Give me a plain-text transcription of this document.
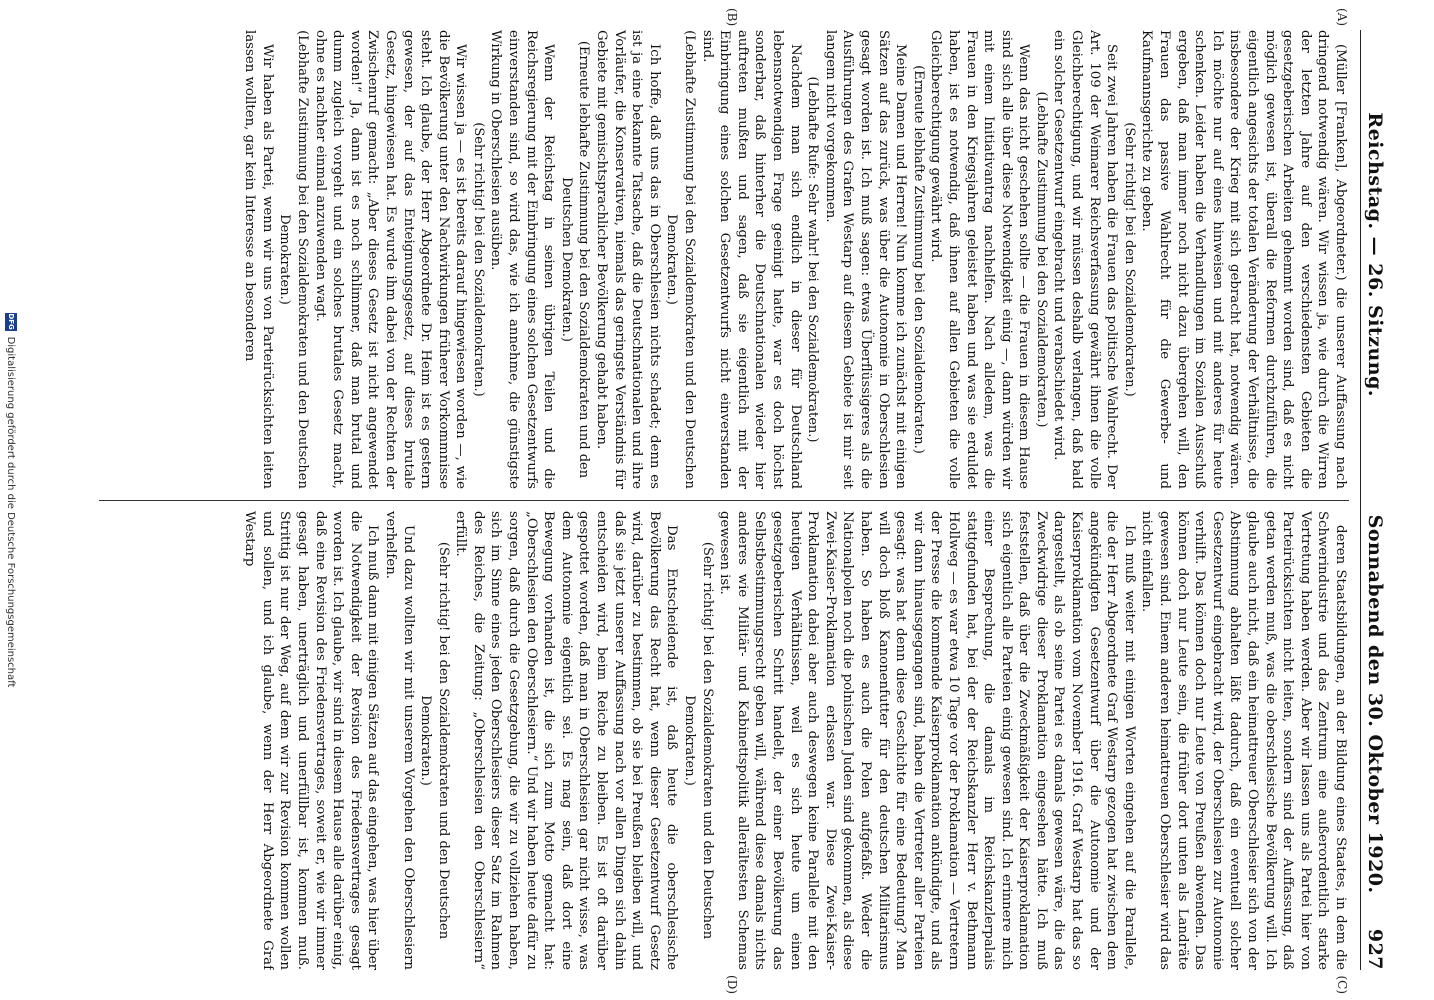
Reichstag. — 26. Sitzung.
Sonnabend den 30. Oktober 1920.
927
(A)
(B)
(C)
(D)

(Müller [Franken], Abgeordneter.) die unserer Auffassung nach dringend notwendig wären. Wir wissen ja, wie durch die Wirren der letzten Jahre auf den verschiedensten Gebieten die gesetzgeberischen Arbeiten gehemmt worden sind, daß es nicht möglich gewesen ist, überall die Reformen durchzuführen, die eigentlich angesichts der totalen Veränderung der Verhältnisse, die insbesondere der Krieg mit sich gebracht hat, notwendig wären. Ich möchte nur auf eines hinweisen und mit anderes für heute schenken. Leider haben die Verhandlungen im Sozialen Ausschuß ergeben, daß man immer noch nicht dazu übergehen will, den Frauen das passive Wahlrecht für die Gewerbe- und Kaufmannsgerichte zu geben.

(Sehr richtig! bei den Sozialdemokraten.)

Seit zwei Jahren haben die Frauen das politische Wahlrecht. Der Art. 109 der Weimarer Reichsverfassung gewährt ihnen die volle Gleichberechtigung, und wir müssen deshalb verlangen, daß bald ein solcher Gesetzentwurf eingebracht und verabschiedet wird.

(Lebhafte Zustimmung bei den Sozialdemokraten.)

Wenn das nicht geschehen sollte — die Frauen in diesem Hause sind sich alle über diese Notwendigkeit einig —, dann würden wir mit einem Initiativantrag nachhelfen. Nach alledem, was die Frauen in den Kriegsjahren geleistet haben und was sie erduldet haben, ist es notwendig, daß ihnen auf allen Gebieten die volle Gleichberechtigung gewährt wird.

(Erneute lebhafte Zustimmung bei den Sozialdemokraten.)

Meine Damen und Herren! Nun komme ich zunächst mit einigen Sätzen auf das zurück, was über die Autonomie in Oberschlesien gesagt worden ist. Ich muß sagen: etwas Überflüssigeres als die Ausführungen des Grafen Westarp auf diesem Gebiete ist mir seit langem nicht vorgekommen.

(Lebhafte Rufe: Sehr wahr! bei den Sozialdemokraten.)

Nachdem man sich endlich in dieser für Deutschland lebensnotwendigen Frage geeinigt hatte, war es doch höchst sonderbar, daß hinterher die Deutschnationalen wieder hier auftreten mußten und sagen, daß sie eigentlich mit der Einbringung eines solchen Gesetzentwurfs nicht einverstanden sind.

(Lebhafte Zustimmung bei den Sozialdemokraten und den Deutschen Demokraten.)

Ich hoffe, daß uns das in Oberschlesien nichts schadet; denn es ist ja eine bekannte Tatsache, daß die Deutschnationalen und ihre Vorläufer, die Konservativen, niemals das geringste Verständnis für Gebiete mit gemischtsprachlicher Bevölkerung gehabt haben.

(Erneute lebhafte Zustimmung bei den Sozialdemokraten und den Deutschen Demokraten.)

Wenn der Reichstag in seinen übrigen Teilen und die Reichsregierung mit der Einbringung eines solchen Gesetzentwurfs einverstanden sind, so wird das, wie ich annehme, die günstigste Wirkung in Oberschlesien ausüben.

(Sehr richtig! bei den Sozialdemokraten.)

Wir wissen ja — es ist bereits darauf hingewiesen worden —, wie die Bevölkerung unter den Nachwirkungen früherer Vorkommnisse steht. Ich glaube, der Herr Abgeordnete Dr. Heim ist es gestern gewesen, der auf das Enteignungsgesetz, auf dieses brutale Gesetz, hingewiesen hat. Es wurde ihm dabei von der Rechten der Zwischenruf gemacht: „Aber dieses Gesetz ist nicht angewendet worden!“ Ja, dann ist es noch schlimmer, daß man brutal und dumm zugleich vorgeht und ein solches brutales Gesetz macht, ohne es nachher einmal anzuwenden wagt.

(Lebhafte Zustimmung bei den Sozialdemokraten und den Deutschen Demokraten.)

Wir haben als Partei, wenn wir uns von Parteirücksichten leiten lassen wollten, gar kein Interesse an besonderen

deren Staatsbildungen, an der Bildung eines Staates, in dem die Schwerindustrie und das Zentrum eine außerordentlich starke Vertretung haben werden. Aber wir lassen uns als Partei hier von Parteirücksichten nicht leiten, sondern sind der Auffassung, daß getan werden muß, was die oberschlesische Bevölkerung will. Ich glaube auch nicht, daß ein heimattreuer Oberschlesier sich von der Abstimmung abhalten läßt dadurch, daß ein eventuell solcher Gesetzentwurf eingebracht wird, der Oberschlesien zur Autonomie verhilft. Das können doch nur Leute von Preußen abwenden. Das können doch nur Leute sein, die früher dort unten als Landräte gewesen sind. Einem anderen heimattreuen Oberschlesier wird das nicht einfallen.

Ich muß weiter mit einigen Worten eingehen auf die Parallele, die der Herr Abgeordnete Graf Westarp gezogen hat zwischen dem angekündigten Gesetzentwurf über die Autonomie und der Kaiserproklamation vom November 1916. Graf Westarp hat das so dargestellt, als ob seine Partei es damals gewesen wäre, die das Zweckwidrige dieser Proklamation eingesehen hätte. Ich muß feststellen, daß über die Zweckmäßigkeit der Kaiserproklamation sich eigentlich alle Parteien einig gewesen sind. Ich erinnere mich einer Besprechung, die damals im Reichskanzlerpalais stattgefunden hat, bei der der Reichskanzler Herr v. Bethmann Hollweg — es war etwa 10 Tage vor der Proklamation — Vertretern der Presse die kommende Kaiserproklamation ankündigte, und als wir dann hinausgegangen sind, haben die Vertreter aller Parteien gesagt: was hat denn diese Geschichte für eine Bedeutung? Man will doch bloß Kanonenfutter für den deutschen Militarismus haben. So haben es auch die Polen aufgefaßt. Weder die Nationalpolen noch die polnischen Juden sind gekommen, als diese Zwei-Kaiser-Proklamation erlassen war. Diese Zwei-Kaiser-Proklamation dabei aber auch deswegen keine Parallele mit den heutigen Verhältnissen, weil es sich heute um einen gesetzgeberischen Schritt handelt, der einer Bevölkerung das Selbstbestimmungsrecht geben will, während diese damals nichts anderes wie Militär- und Kabinettspolitik allerältesten Schemas gewesen ist.

(Sehr richtig! bei den Sozialdemokraten und den Deutschen Demokraten.)

Das Entscheidende ist, daß heute die oberschlesische Bevölkerung das Recht hat, wenn dieser Gesetzentwurf Gesetz wird, darüber zu bestimmen, ob sie bei Preußen bleiben will, und daß sie jetzt unserer Auffassung nach vor allen Dingen sich dahin entscheiden wird, beim Reiche zu bleiben. Es ist oft darüber gespottet worden, daß man in Oberschlesien gar nicht wisse, was dem Autonomie eigentlich sei. Es mag sein, daß dort eine Bewegung vorhanden ist, die sich zum Motto gemacht hat: „Oberschlesien den Oberschlesiern.“ Und wir haben heute dafür zu sorgen, daß durch die Gesetzgebung, die wir zu vollziehen haben, sich im Sinne eines jeden Oberschlesiers dieser Satz im Rahmen des Reiches, die Zeitung: „Oberschlesien den Oberschlesiern“ erfüllt.

(Sehr richtig! bei den Sozialdemokraten und den Deutschen Demokraten.)

Und dazu wollten wir mit unserem Vorgehen den Oberschlesiern verhelfen.

Ich muß dann mit einigen Sätzen auf das eingehen, was hier über die Notwendigkeit der Revision des Friedensvertrages gesagt worden ist. Ich glaube, wir sind in diesem Hause alle darüber einig, daß eine Revision des Friedensvertrages, soweit er, wie wir immer gesagt haben, unerträglich und unerfüllbar ist, kommen muß. Strittig ist nur der Weg, auf dem wir zur Revision kommen wollen und sollen, und ich glaube, wenn der Herr Abgeordnete Graf Westarp

DFG
Digitalisierung gefördert durch die Deutsche Forschungsgemeinschaft
